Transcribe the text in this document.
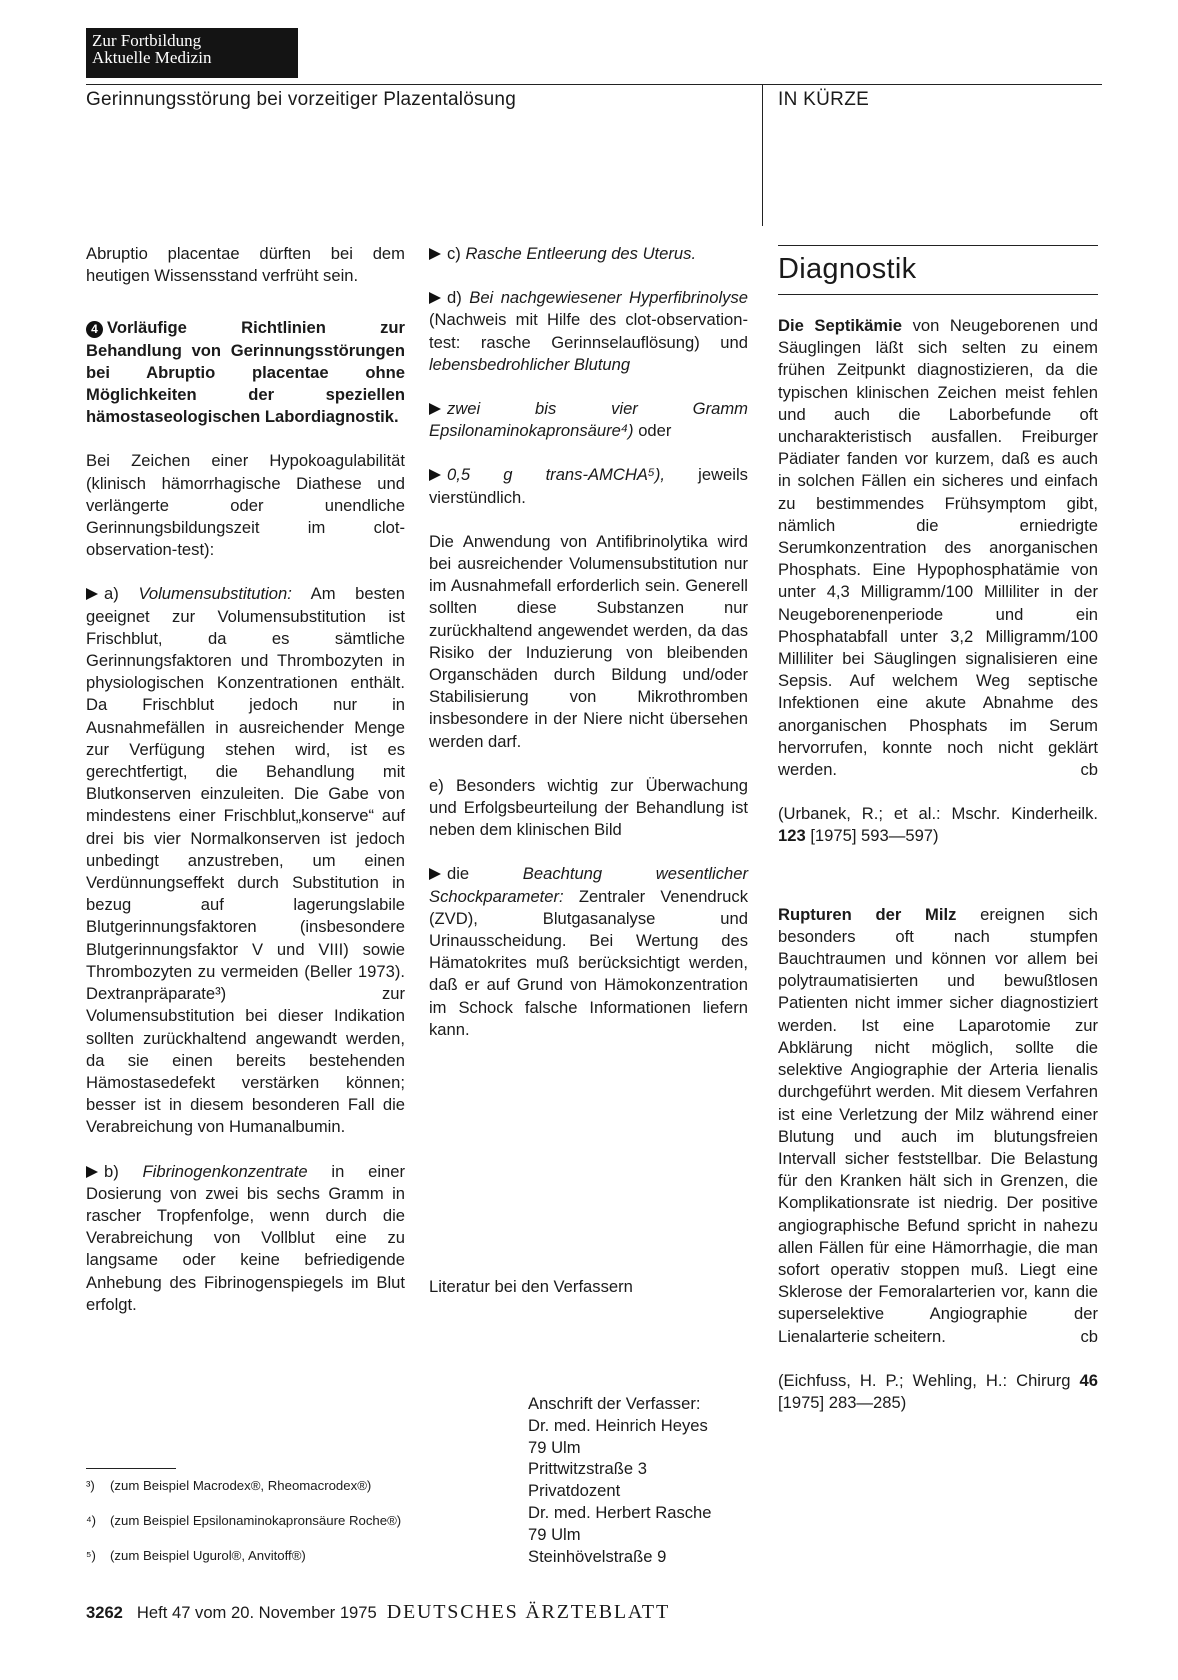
Zur Fortbildung
Aktuelle Medizin
Gerinnungsstörung bei vorzeitiger Plazentalösung	IN KÜRZE

Abruptio placentae dürften bei dem heutigen Wissensstand verfrüht sein.

4 Vorläufige Richtlinien zur Behandlung von Gerinnungsstörungen bei Abruptio placentae ohne Möglichkeiten der speziellen hämostaseologischen Labordiagnostik.

Bei Zeichen einer Hypokoagulabilität (klinisch hämorrhagische Diathese und verlängerte oder unendliche Gerinnungsbildungszeit im clot-observation-test):

a) Volumensubstitution: Am besten geeignet zur Volumensubstitution ist Frischblut, da es sämtliche Gerinnungsfaktoren und Thrombozyten in physiologischen Konzentrationen enthält. Da Frischblut jedoch nur in Ausnahmefällen in ausreichender Menge zur Verfügung stehen wird, ist es gerechtfertigt, die Behandlung mit Blutkonserven einzuleiten. Die Gabe von mindestens einer Frischblut„konserve“ auf drei bis vier Normalkonserven ist jedoch unbedingt anzustreben, um einen Verdünnungseffekt durch Substitution in bezug auf lagerungslabile Blutgerinnungsfaktoren (insbesondere Blutgerinnungsfaktor V und VIII) sowie Thrombozyten zu vermeiden (Beller 1973). Dextranpräparate³) zur Volumensubstitution bei dieser Indikation sollten zurückhaltend angewandt werden, da sie einen bereits bestehenden Hämostasedefekt verstärken können; besser ist in diesem besonderen Fall die Verabreichung von Humanalbumin.

b) Fibrinogenkonzentrate in einer Dosierung von zwei bis sechs Gramm in rascher Tropfenfolge, wenn durch die Verabreichung von Vollblut eine zu langsame oder keine befriedigende Anhebung des Fibrinogenspiegels im Blut erfolgt.

³) (zum Beispiel Macrodex®, Rheomacrodex®)
⁴) (zum Beispiel Epsilonaminokapronsäure Roche®)
⁵) (zum Beispiel Ugurol®, Anvitoff®)

c) Rasche Entleerung des Uterus.

d) Bei nachgewiesener Hyperfibrinolyse (Nachweis mit Hilfe des clot-observation-test: rasche Gerinnselauflösung) und lebensbedrohlicher Blutung

zwei bis vier Gramm Epsilonaminokapronsäure⁴) oder

0,5 g trans-AMCHA⁵), jeweils vierstündlich.

Die Anwendung von Antifibrinolytika wird bei ausreichender Volumensubstitution nur im Ausnahmefall erforderlich sein. Generell sollten diese Substanzen nur zurückhaltend angewendet werden, da das Risiko der Induzierung von bleibenden Organschäden durch Bildung und/oder Stabilisierung von Mikrothromben insbesondere in der Niere nicht übersehen werden darf.

e) Besonders wichtig zur Überwachung und Erfolgsbeurteilung der Behandlung ist neben dem klinischen Bild

die	Beachtung wesentlicher Schockparameter: Zentraler Venendruck (ZVD), Blutgasanalyse und Urinausscheidung. Bei Wertung des Hämatokrites muß berücksichtigt werden, daß er auf Grund von Hämokonzentration im Schock falsche Informationen liefern kann.

Literatur bei den Verfassern
Anschrift der Verfasser:
Dr. med. Heinrich Heyes
79 Ulm
Prittwitzstraße 3
Privatdozent
Dr. med. Herbert Rasche
79 Ulm
Steinhövelstraße 9
Diagnostik

Die Septikämie von Neugeborenen und Säuglingen läßt sich selten zu einem frühen Zeitpunkt diagnostizieren, da die typischen klinischen Zeichen meist fehlen und auch die Laborbefunde oft uncharakteristisch ausfallen. Freiburger Pädiater fanden vor kurzem, daß es auch in solchen Fällen ein sicheres und einfach zu bestimmendes Frühsymptom gibt, nämlich die erniedrigte Serumkonzentration des anorganischen Phosphats. Eine Hypophosphatämie von unter 4,3 Milligramm/100 Milliliter in der Neugeborenenperiode und ein Phosphatabfall unter 3,2 Milligramm/100 Milliliter bei Säuglingen signalisieren eine Sepsis. Auf welchem Weg septische Infektionen eine akute Abnahme des anorganischen Phosphats im Serum hervorrufen, konnte noch nicht geklärt werden.	cb

(Urbanek, R.; et al.: Mschr. Kinderheilk. 123 [1975] 593—597)

Rupturen der Milz ereignen sich besonders oft nach stumpfen Bauchtraumen und können vor allem bei polytraumatisierten und bewußtlosen Patienten nicht immer sicher diagnostiziert werden. Ist eine Laparotomie zur Abklärung nicht möglich, sollte die selektive Angiographie der Arteria lienalis durchgeführt werden. Mit diesem Verfahren ist eine Verletzung der Milz während einer Blutung und auch im blutungsfreien Intervall sicher feststellbar. Die Belastung für den Kranken hält sich in Grenzen, die Komplikationsrate ist niedrig. Der positive angiographische Befund spricht in nahezu allen Fällen für eine Hämorrhagie, die man sofort operativ stoppen muß. Liegt eine Sklerose der Femoralarterien vor, kann die superselektive Angiographie der Lienalarterie scheitern.	cb

(Eichfuss, H. P.; Wehling, H.: Chirurg 46 [1975] 283—285)

3262 Heft 47 vom 20. November 1975 DEUTSCHES ÄRZTEBLATT
